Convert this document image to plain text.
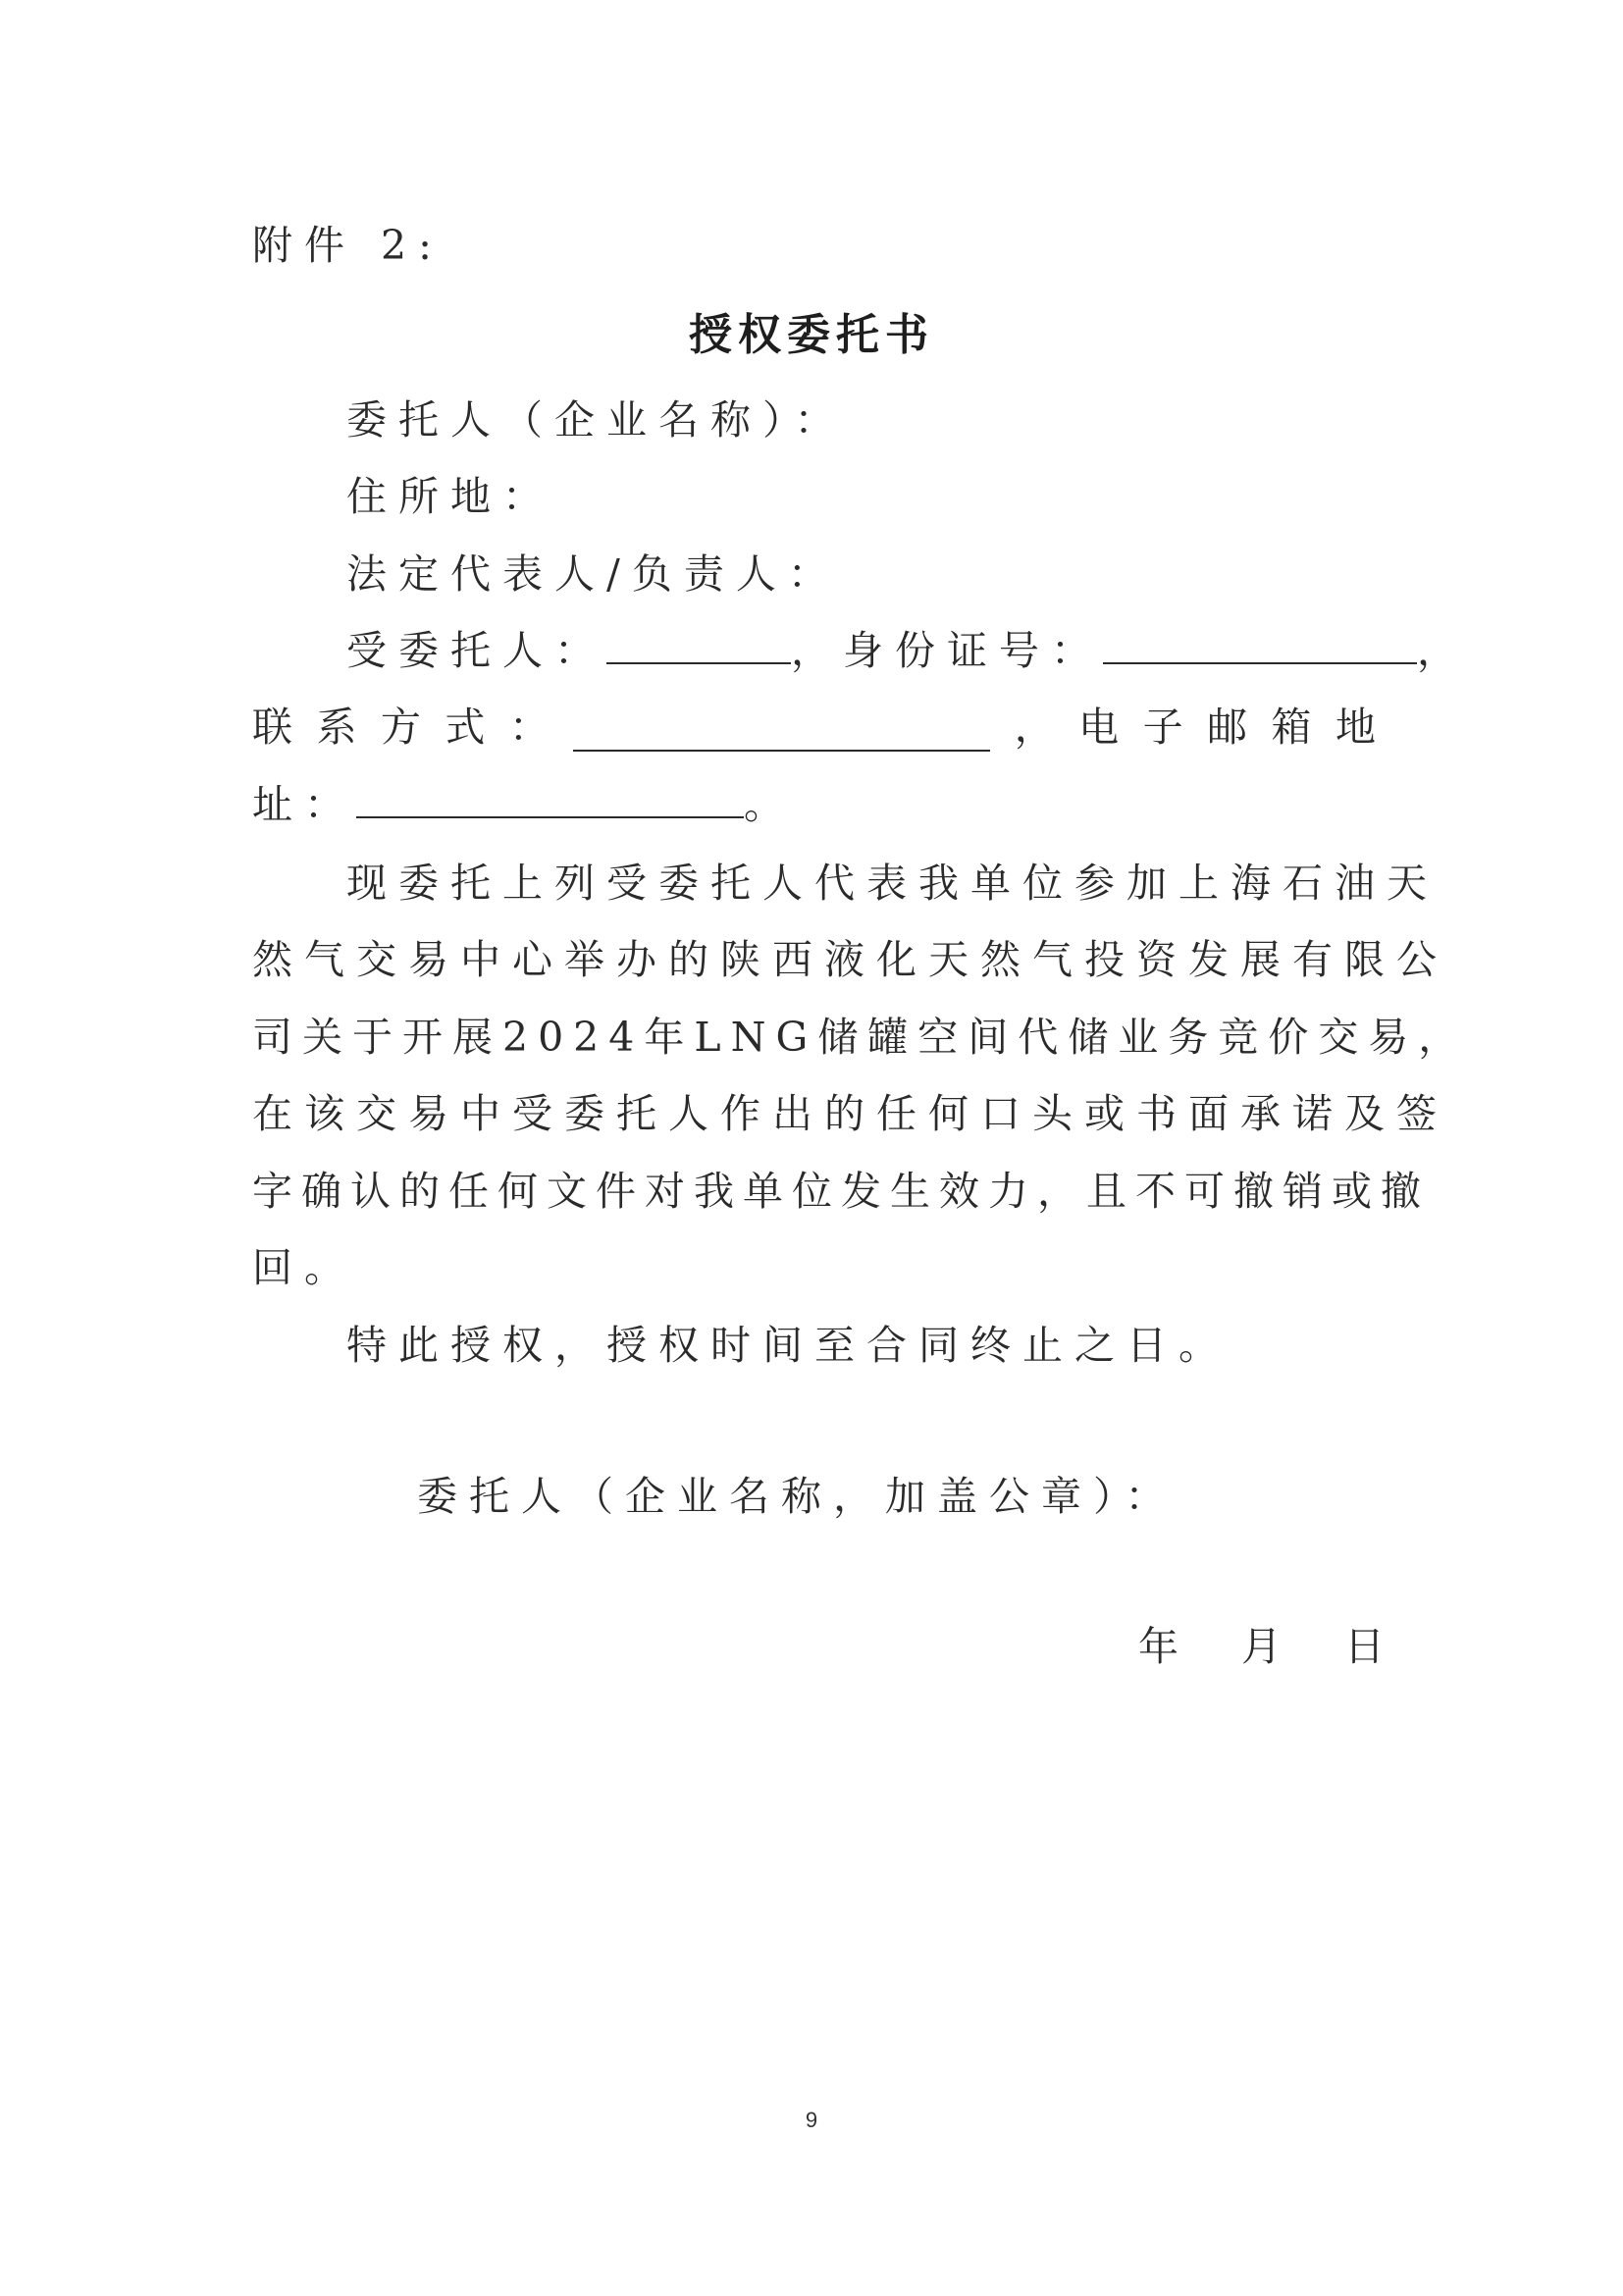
附件 2:
授权委托书
委托人（企业名称）：
住所地：
法定代表人/负责人：
受委托人：	，身份证号：	，
联 系 方 式 ：	， 电 子 邮 箱 地
址：	。
现委托上列受委托人代表我单位参加上海石油天
然气交易中心举办的陕西液化天然气投资发展有限公
司关于开展2024年LNG储罐空间代储业务竞价交易，
在该交易中受委托人作出的任何口头或书面承诺及签
字确认的任何文件对我单位发生效力，且不可撤销或撤
回。
特此授权，授权时间至合同终止之日。
委托人（企业名称，加盖公章）：
年 月 日
9
